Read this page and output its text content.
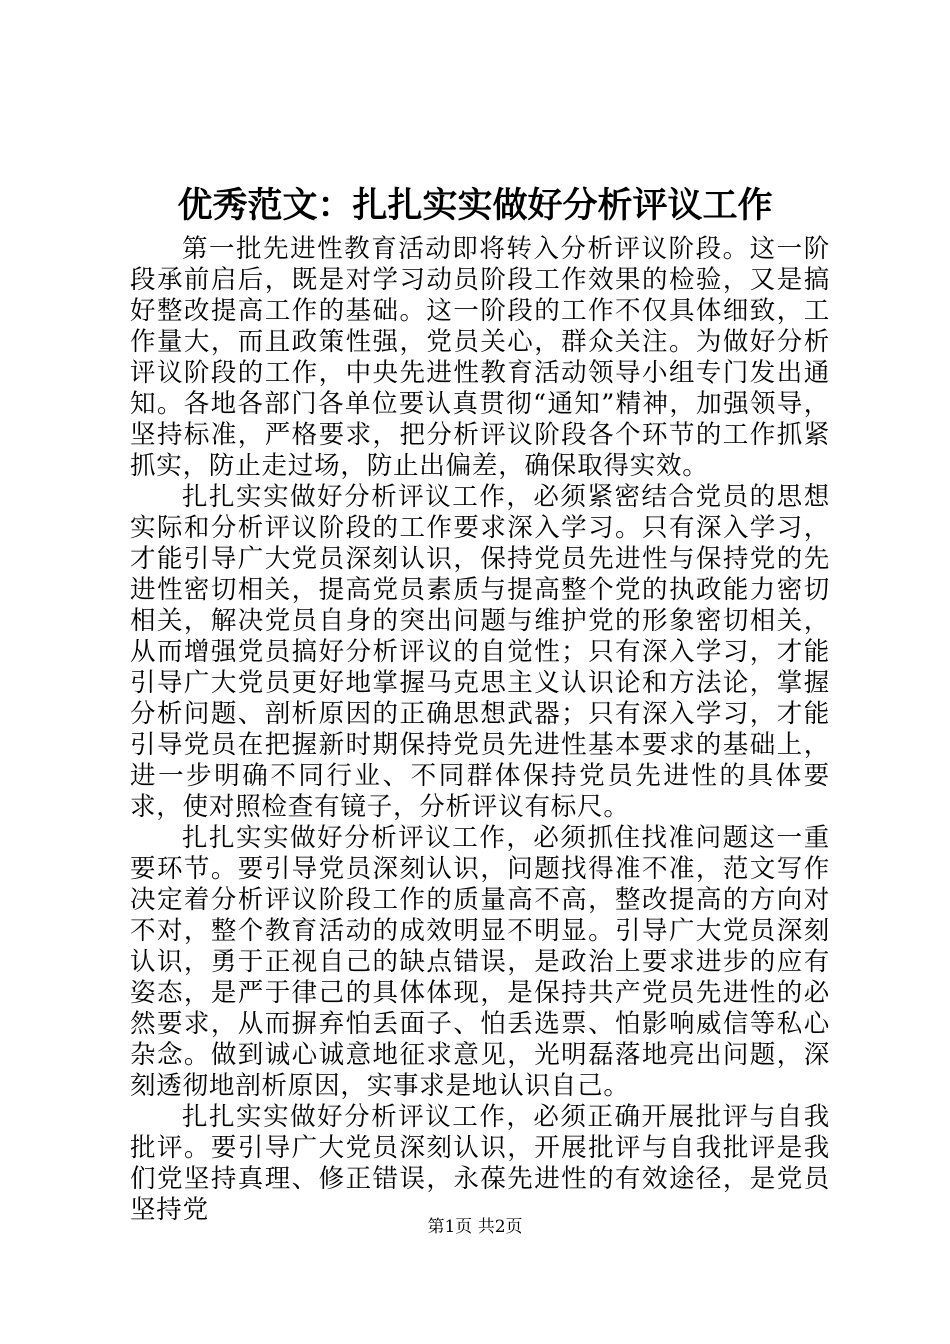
优秀范文：扎扎实实做好分析评议工作

第一批先进性教育活动即将转入分析评议阶段。这一阶段承前启后，既是对学习动员阶段工作效果的检验，又是搞好整改提高工作的基础。这一阶段的工作不仅具体细致，工作量大，而且政策性强，党员关心，群众关注。为做好分析评议阶段的工作，中央先进性教育活动领导小组专门发出通知。各地各部门各单位要认真贯彻“通知”精神，加强领导，坚持标准，严格要求，把分析评议阶段各个环节的工作抓紧抓实，防止走过场，防止出偏差，确保取得实效。

扎扎实实做好分析评议工作，必须紧密结合党员的思想实际和分析评议阶段的工作要求深入学习。只有深入学习，才能引导广大党员深刻认识，保持党员先进性与保持党的先进性密切相关，提高党员素质与提高整个党的执政能力密切相关，解决党员自身的突出问题与维护党的形象密切相关，从而增强党员搞好分析评议的自觉性；只有深入学习，才能引导广大党员更好地掌握马克思主义认识论和方法论，掌握分析问题、剖析原因的正确思想武器；只有深入学习，才能引导党员在把握新时期保持党员先进性基本要求的基础上，进一步明确不同行业、不同群体保持党员先进性的具体要求，使对照检查有镜子，分析评议有标尺。

扎扎实实做好分析评议工作，必须抓住找准问题这一重要环节。要引导党员深刻认识，问题找得准不准，范文写作决定着分析评议阶段工作的质量高不高，整改提高的方向对不对，整个教育活动的成效明显不明显。引导广大党员深刻认识，勇于正视自己的缺点错误，是政治上要求进步的应有姿态，是严于律己的具体体现，是保持共产党员先进性的必然要求，从而摒弃怕丢面子、怕丢选票、怕影响威信等私心杂念。做到诚心诚意地征求意见，光明磊落地亮出问题，深刻透彻地剖析原因，实事求是地认识自己。

扎扎实实做好分析评议工作，必须正确开展批评与自我批评。要引导广大党员深刻认识，开展批评与自我批评是我们党坚持真理、修正错误，永葆先进性的有效途径，是党员坚持党

第1页 共2页
